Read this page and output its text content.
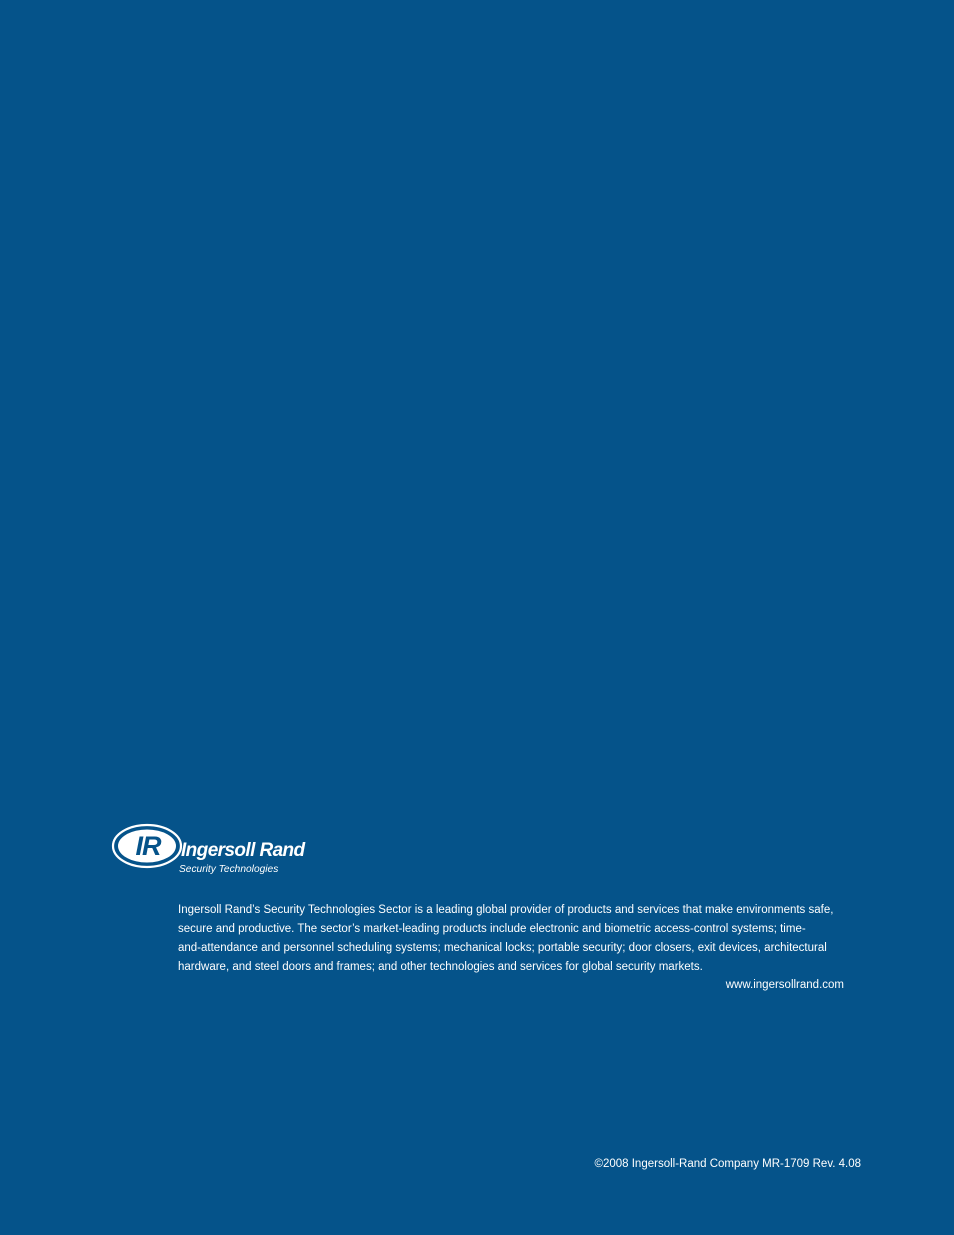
IR Ingersoll Rand
Security Technologies
Ingersoll Rand’s Security Technologies Sector is a leading global provider of products and services that make environments safe,
secure and productive. The sector’s market-leading products include electronic and biometric access-control systems; time-
and-attendance and personnel scheduling systems; mechanical locks; portable security; door closers, exit devices, architectural
hardware, and steel doors and frames; and other technologies and services for global security markets.
www.ingersollrand.com
©2008 Ingersoll-Rand Company MR-1709 Rev. 4.08
